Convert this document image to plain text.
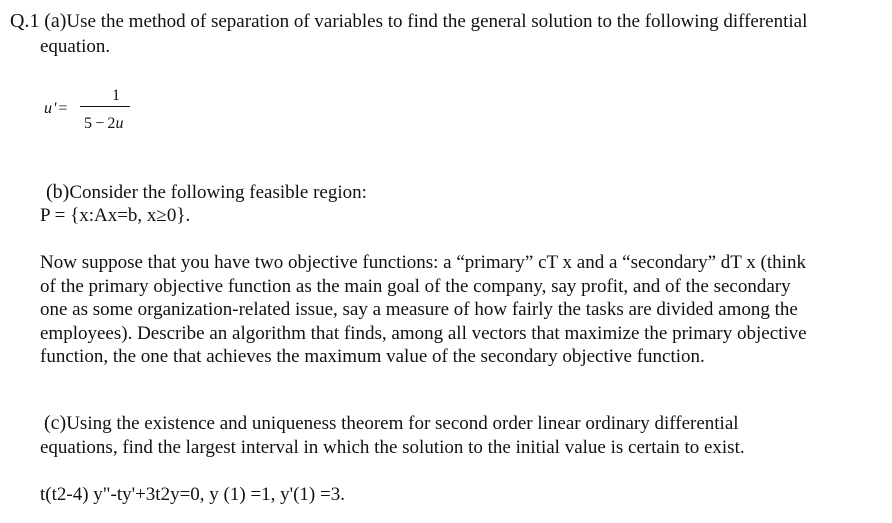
Q.1 (a)Use the method of separation of variables to find the general solution to the following differential
equation.
u'=
1
5 − 2u
(b)Consider the following feasible region:
P = {x:Ax=b, x≥0}.
Now suppose that you have two objective functions: a “primary” cT x and a “secondary” dT x (think
of the primary objective function as the main goal of the company, say profit, and of the secondary
one as some organization-related issue, say a measure of how fairly the tasks are divided among the
employees). Describe an algorithm that finds, among all vectors that maximize the primary objective
function, the one that achieves the maximum value of the secondary objective function.
(c)Using the existence and uniqueness theorem for second order linear ordinary differential
equations, find the largest interval in which the solution to the initial value is certain to exist.
t(t2-4) y"-ty'+3t2y=0, y (1) =1, y'(1) =3.
